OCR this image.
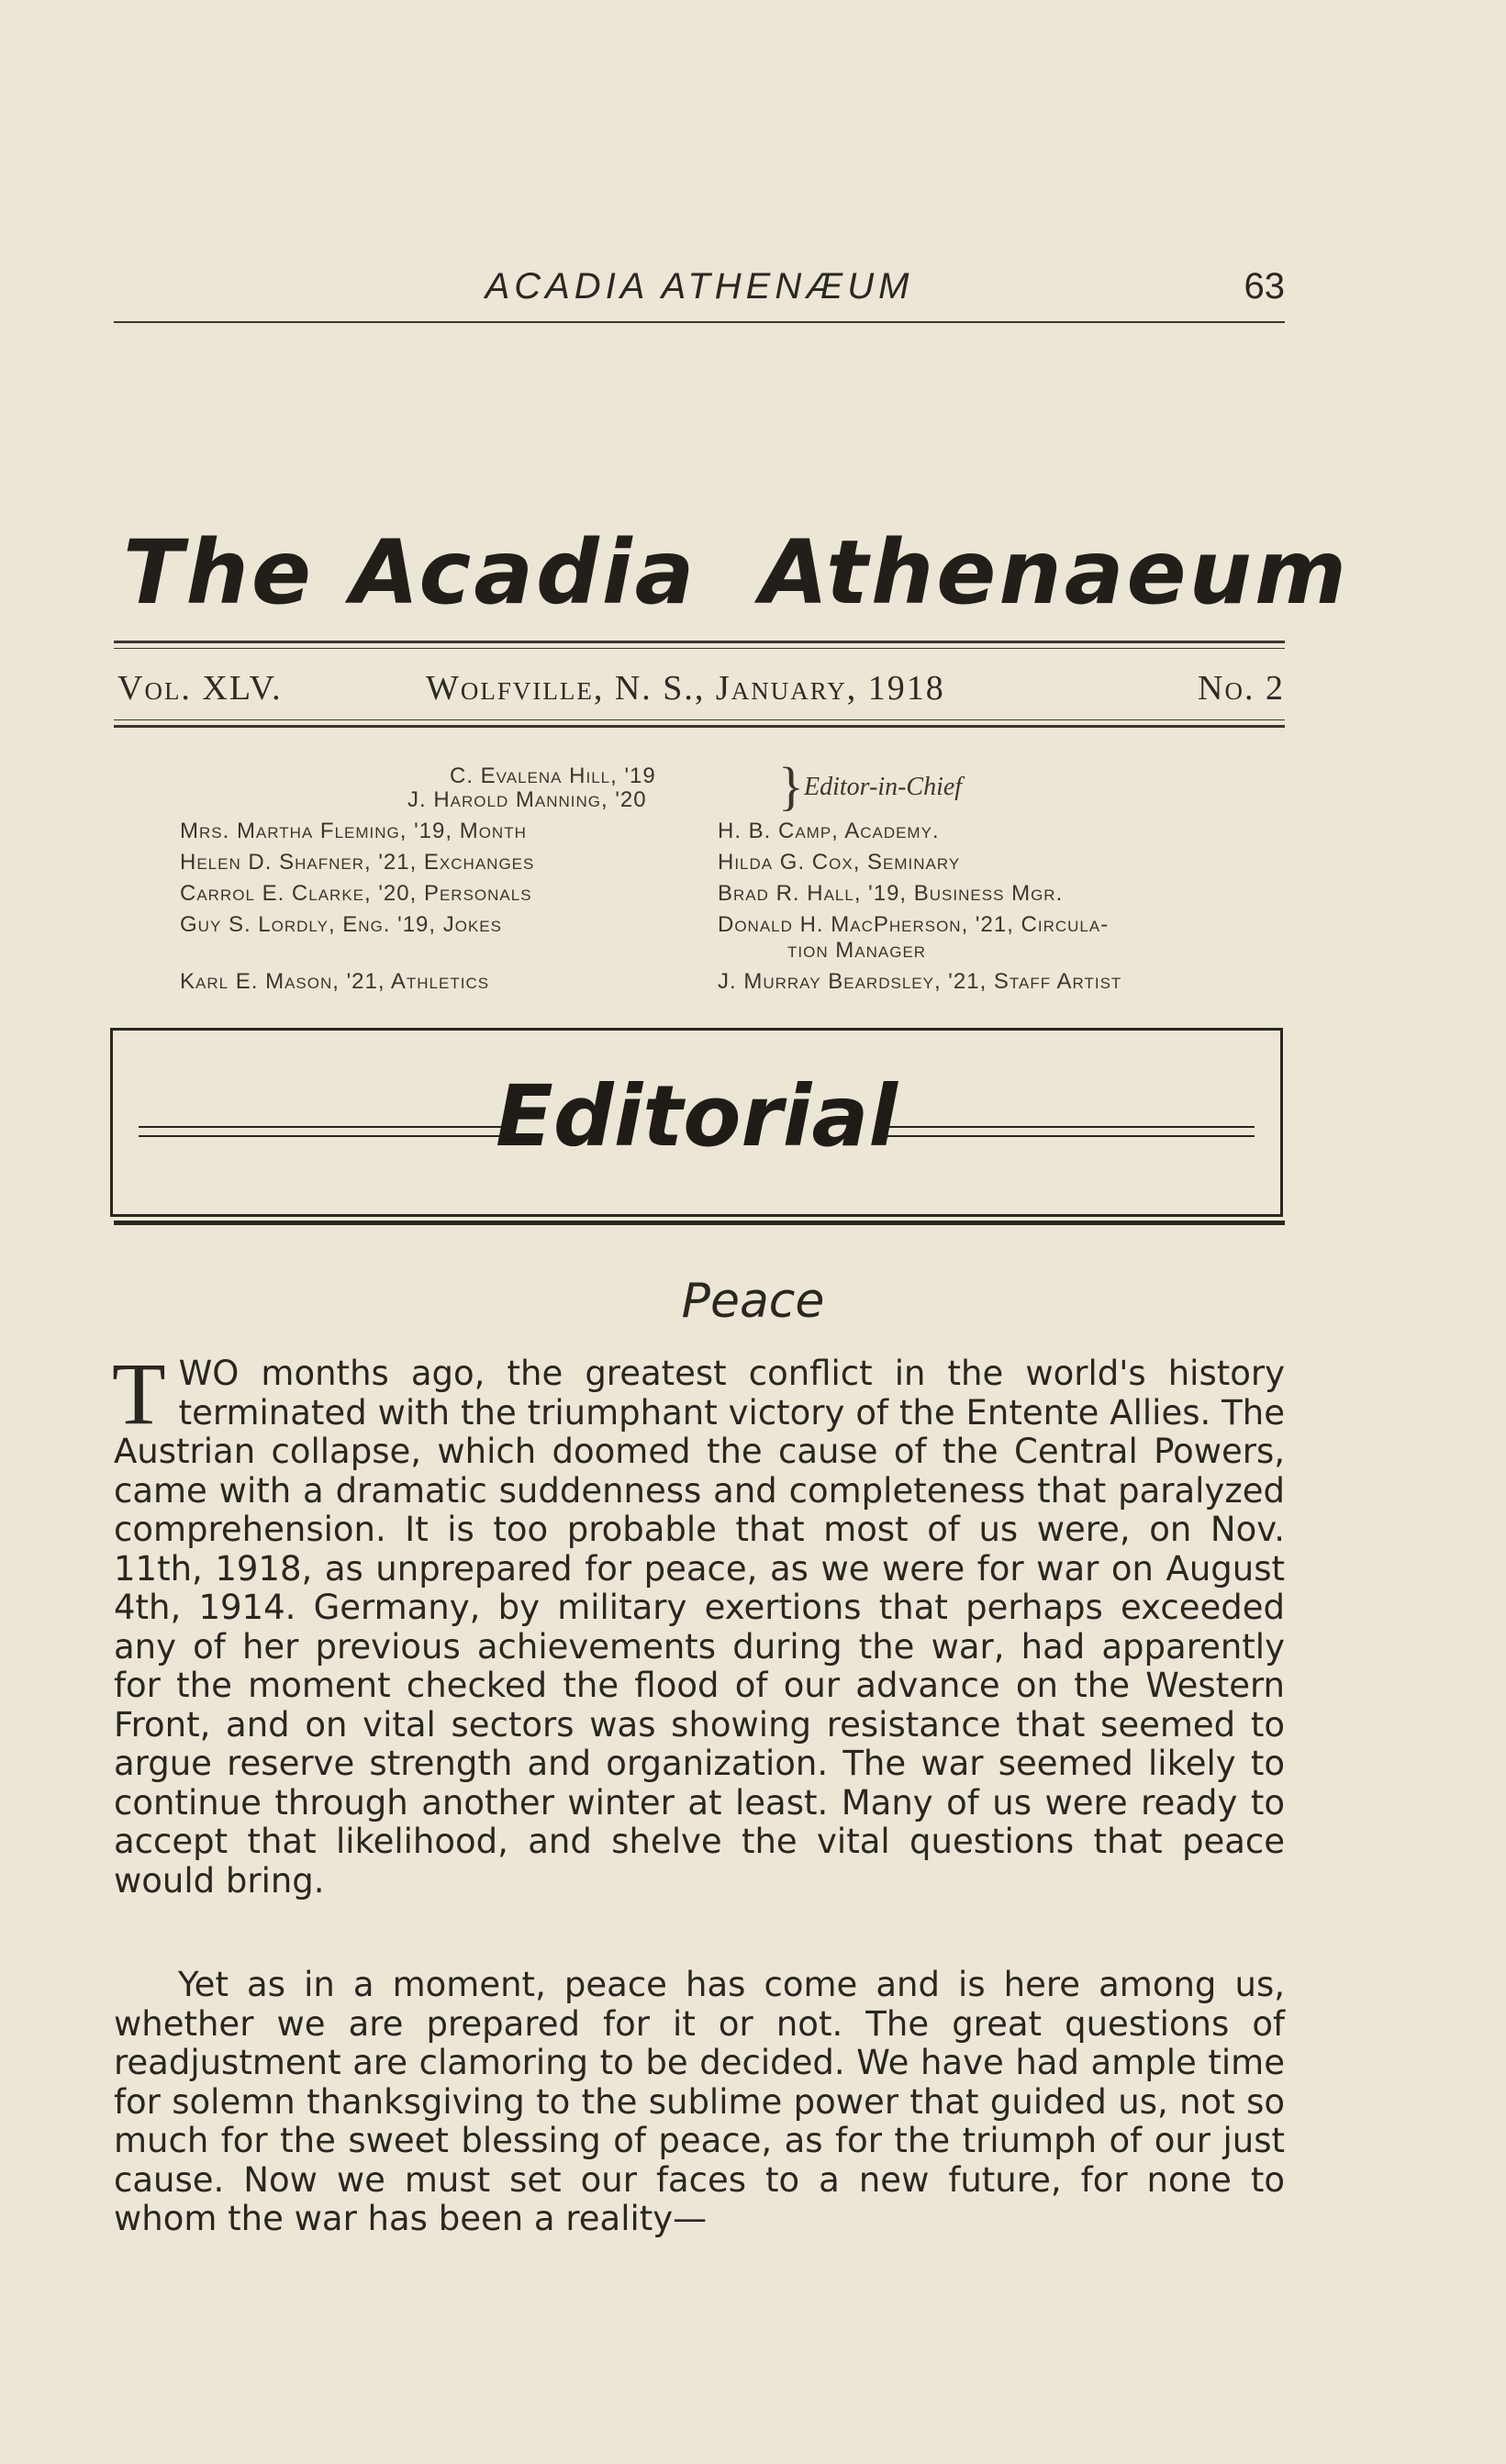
ACADIA ATHENÆUM	63
The Acadia Athenaeum
Vol. XLV.	Wolfville, N. S., January, 1918	No. 2
C. Evalena Hill, '19
J. Harold Manning, '20 } Editor-in-Chief
Mrs. Martha Fleming, '19, Month
Helen D. Shafner, '21, Exchanges
Carrol E. Clarke, '20, Personals
Guy S. Lordly, Eng. '19, Jokes
Karl E. Mason, '21, Athletics
H. B. Camp, Academy.
Hilda G. Cox, Seminary
Brad R. Hall, '19, Business Mgr.
Donald H. MacPherson, '21, Circula-
tion Manager
J. Murray Beardsley, '21, Staff Artist
Editorial
Peace
TWO months ago, the greatest conflict in the world's history terminated with the triumphant victory of the Entente Allies. The Austrian collapse, which doomed the cause of the Central Powers, came with a dramatic suddenness and completeness that paralyzed comprehension. It is too probable that most of us were, on Nov. 11th, 1918, as unprepared for peace, as we were for war on August 4th, 1914. Germany, by military exertions that perhaps exceeded any of her previous achievements during the war, had apparently for the moment checked the flood of our advance on the Western Front, and on vital sectors was showing resistance that seemed to argue reserve strength and organization. The war seemed likely to continue through another winter at least. Many of us were ready to accept that likelihood, and shelve the vital questions that peace would bring.
Yet as in a moment, peace has come and is here among us, whether we are prepared for it or not. The great questions of readjustment are clamoring to be decided. We have had ample time for solemn thanksgiving to the sublime power that guided us, not so much for the sweet blessing of peace, as for the triumph of our just cause. Now we must set our faces to a new future, for none to whom the war has been a reality—
